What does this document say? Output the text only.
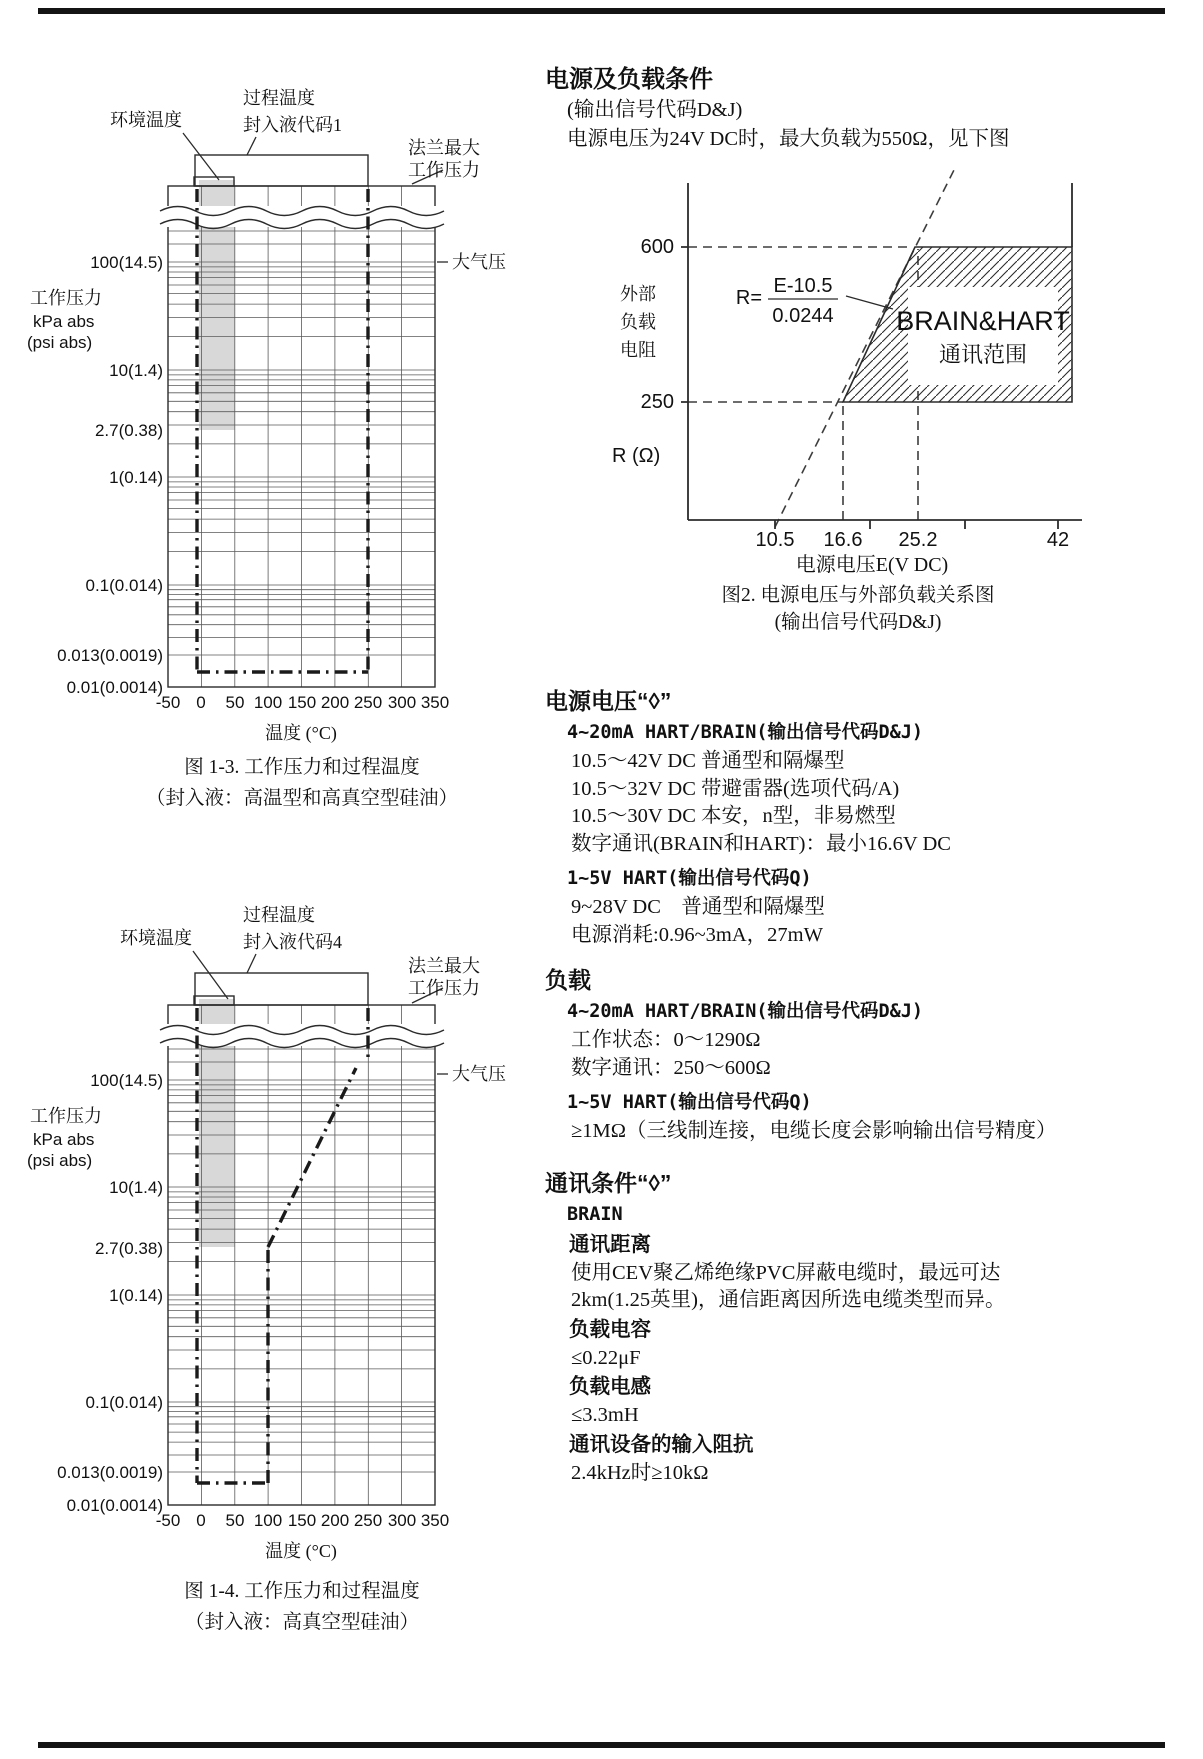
过程温度
封入液代码1
环境温度
法兰最大
工作压力
大气压
工作压力
kPa abs
(psi abs)
100(14.5)
10(1.4)
2.7(0.38)
1(0.14)
0.1(0.014)
0.013(0.0019)
0.01(0.0014)
-50 0 50 100 150 200 250 300 350
温度 (°C)
图 1-3. 工作压力和过程温度
（封入液：高温型和高真空型硅油）
过程温度
封入液代码4
环境温度
法兰最大
工作压力
大气压
工作压力
kPa abs
(psi abs)
100(14.5)
10(1.4)
2.7(0.38)
1(0.14)
0.1(0.014)
0.013(0.0019)
0.01(0.0014)
-50 0 50 100 150 200 250 300 350
温度 (°C)
图 1-4. 工作压力和过程温度
（封入液：高真空型硅油）
BRAIN&HART
通讯范围
R=
E-10.5
0.0244
600
250
外部
负载
电阻
R (Ω)
10.5 16.6 25.2	42
电源电压E(V DC)
图2. 电源电压与外部负载关系图
(输出信号代码D&J)
电源及负载条件
(输出信号代码D&J)
电源电压为24V DC时，最大负载为550Ω，见下图
电源电压“◊”
4~20mA HART/BRAIN(输出信号代码D&J)
10.5～42V DC 普通型和隔爆型
10.5～32V DC 带避雷器(选项代码/A)
10.5～30V DC 本安，n型，非易燃型
数字通讯(BRAIN和HART)：最小16.6V DC
1~5V HART(输出信号代码Q)
9~28V DC　普通型和隔爆型
电源消耗:0.96~3mA，27mW
负载
4~20mA HART/BRAIN(输出信号代码D&J)
工作状态：0～1290Ω
数字通讯：250～600Ω
1~5V HART(输出信号代码Q)
≥1MΩ（三线制连接，电缆长度会影响输出信号精度）
通讯条件“◊”
BRAIN
通讯距离
使用CEV聚乙烯绝缘PVC屏蔽电缆时，最远可达
2km(1.25英里)，通信距离因所选电缆类型而异。
负载电容
≤0.22μF
负载电感
≤3.3mH
通讯设备的输入阻抗
2.4kHz时≥10kΩ
